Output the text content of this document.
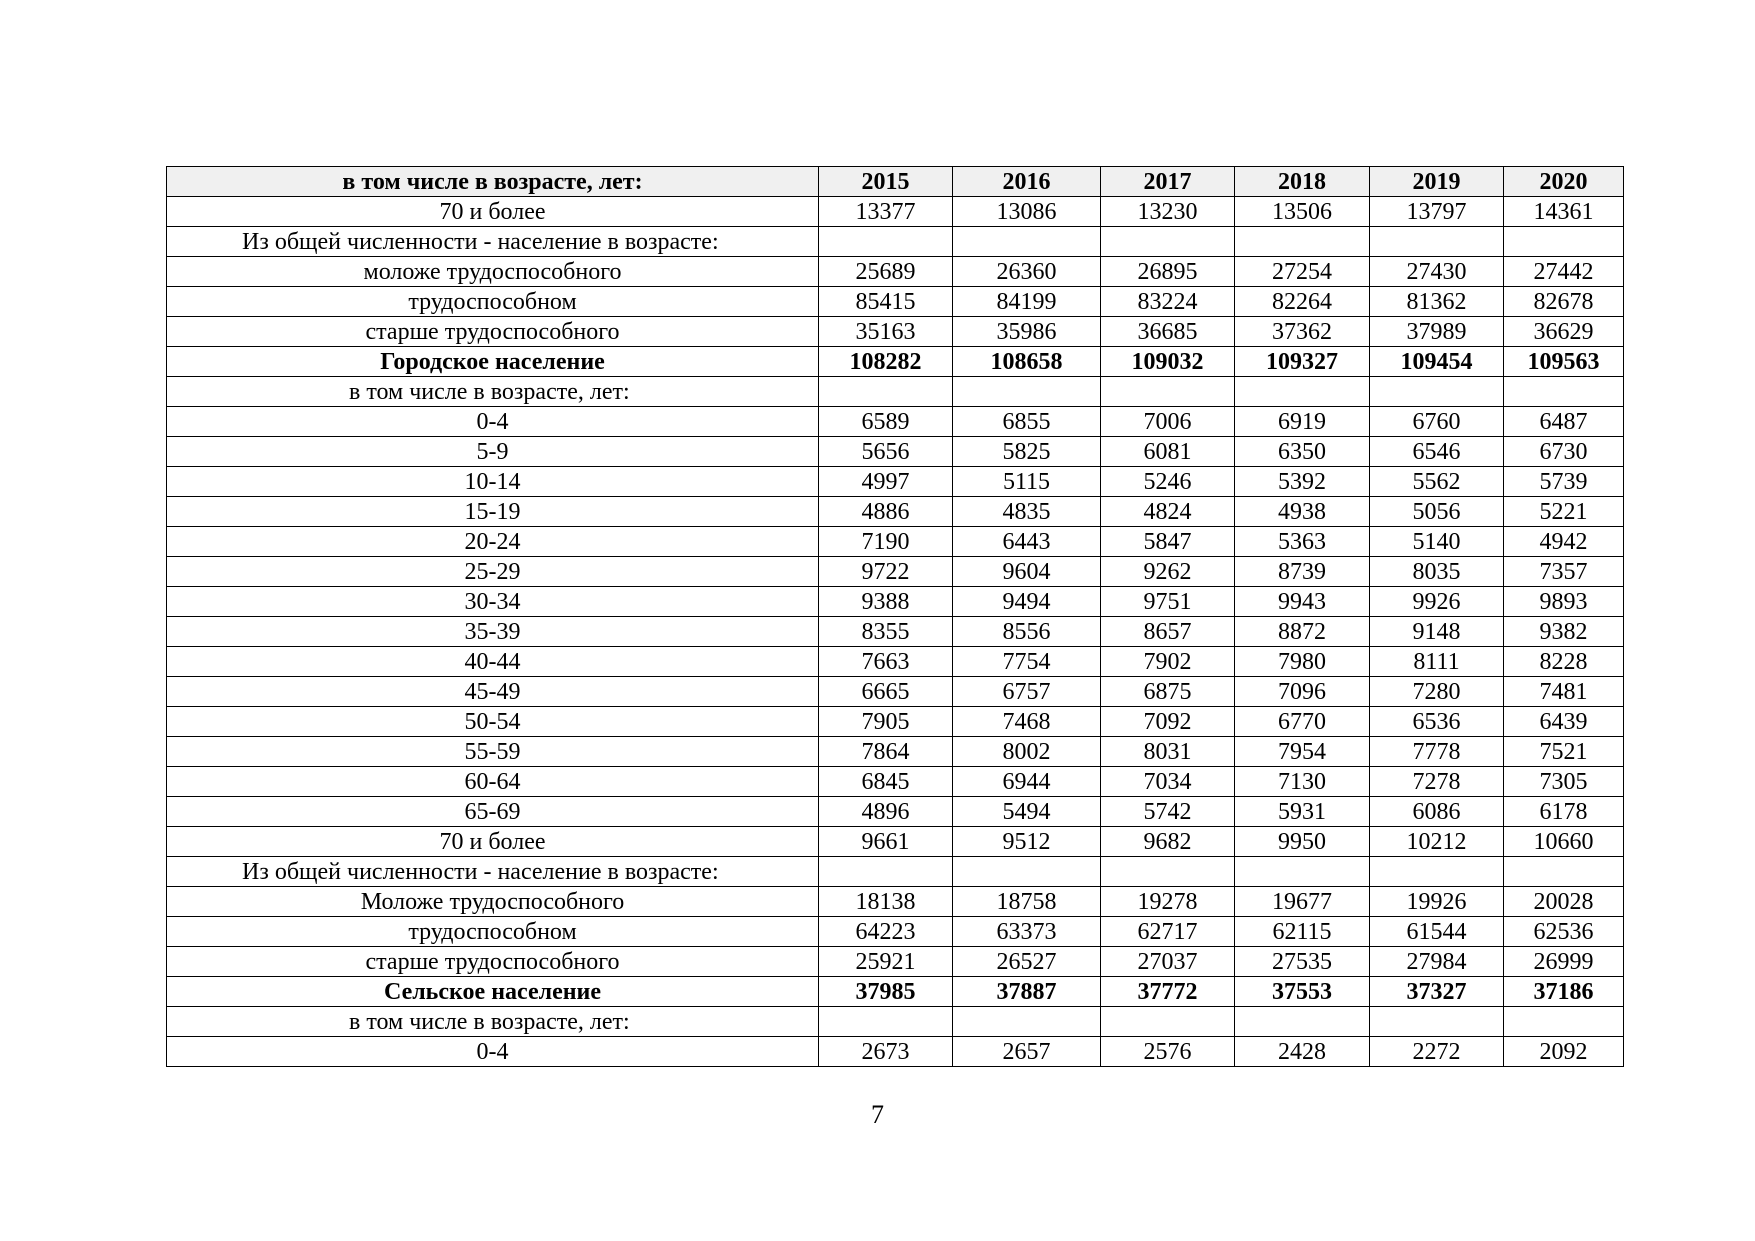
в том числе в возрасте, лет:	2015	2016	2017	2018	2019	2020
70 и более	13377	13086	13230	13506	13797	14361
Из общей численности - население в возрасте:						
моложе трудоспособного	25689	26360	26895	27254	27430	27442
трудоспособном	85415	84199	83224	82264	81362	82678
старше трудоспособного	35163	35986	36685	37362	37989	36629
Городское население	108282	108658	109032	109327	109454	109563
в том числе в возрасте, лет:						
0-4	6589	6855	7006	6919	6760	6487
5-9	5656	5825	6081	6350	6546	6730
10-14	4997	5115	5246	5392	5562	5739
15-19	4886	4835	4824	4938	5056	5221
20-24	7190	6443	5847	5363	5140	4942
25-29	9722	9604	9262	8739	8035	7357
30-34	9388	9494	9751	9943	9926	9893
35-39	8355	8556	8657	8872	9148	9382
40-44	7663	7754	7902	7980	8111	8228
45-49	6665	6757	6875	7096	7280	7481
50-54	7905	7468	7092	6770	6536	6439
55-59	7864	8002	8031	7954	7778	7521
60-64	6845	6944	7034	7130	7278	7305
65-69	4896	5494	5742	5931	6086	6178
70 и более	9661	9512	9682	9950	10212	10660
Из общей численности - население в возрасте:						
Моложе трудоспособного	18138	18758	19278	19677	19926	20028
трудоспособном	64223	63373	62717	62115	61544	62536
старше трудоспособного	25921	26527	27037	27535	27984	26999
Сельское население	37985	37887	37772	37553	37327	37186
в том числе в возрасте, лет:						
0-4	2673	2657	2576	2428	2272	2092
7
